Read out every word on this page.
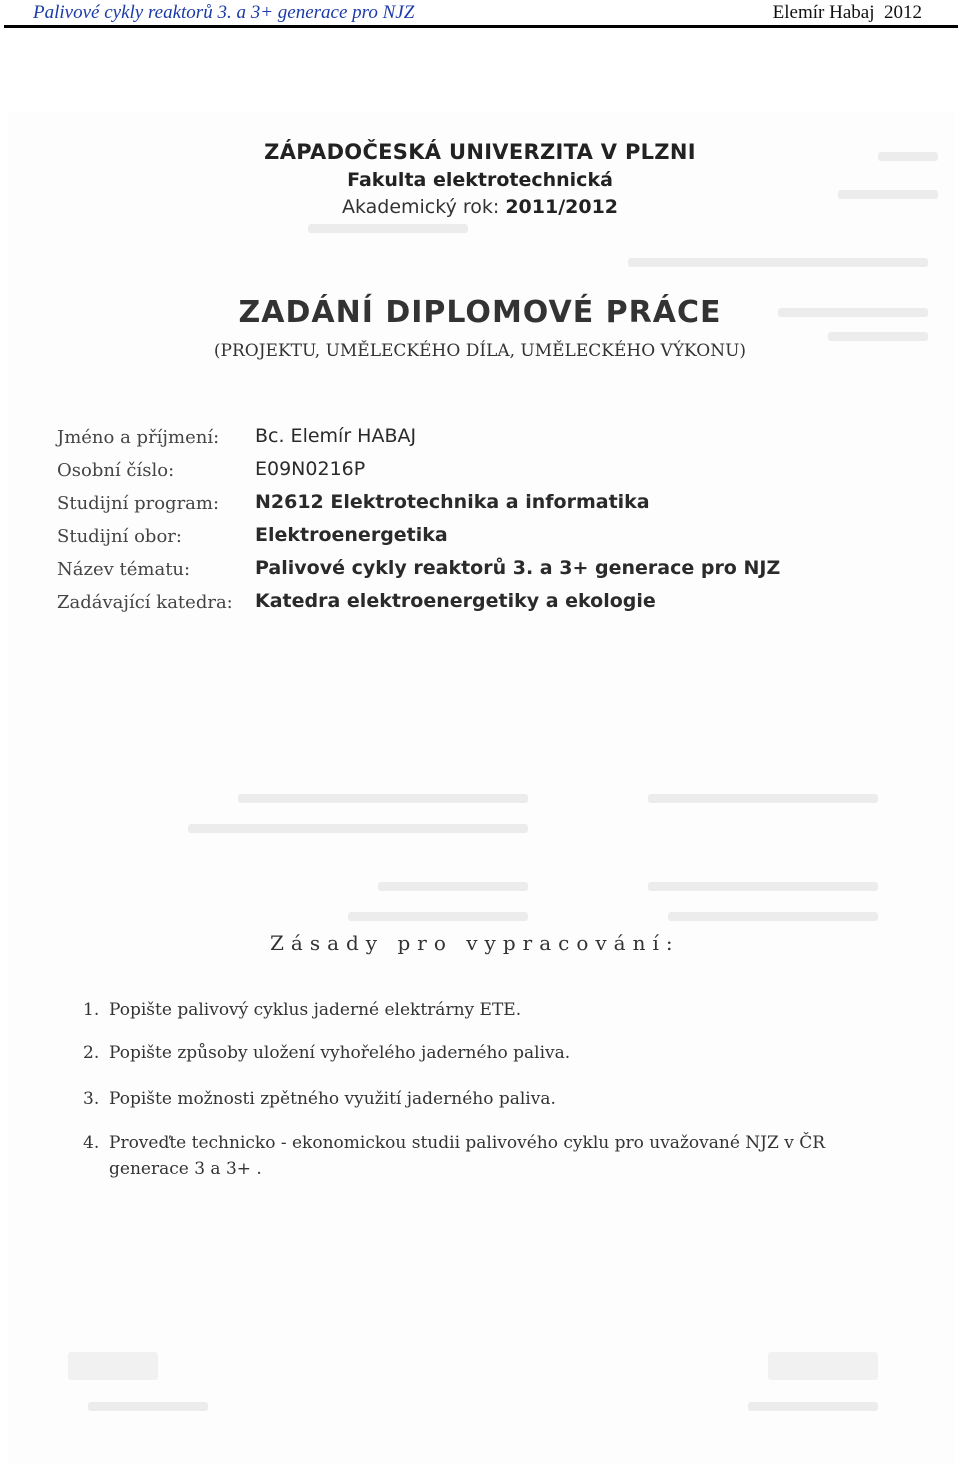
Palivové cykly reaktorů 3. a 3+ generace pro NJZ	Elemír Habaj 2012
ZÁPADOČESKÁ UNIVERZITA V PLZNI
Fakulta elektrotechnická
Akademický rok: 2011/2012
ZADÁNÍ DIPLOMOVÉ PRÁCE
(PROJEKTU, UMĚLECKÉHO DÍLA, UMĚLECKÉHO VÝKONU)
Jméno a příjmení: Bc. Elemír HABAJ
Osobní číslo:	E09N0216P
Studijní program: N2612 Elektrotechnika a informatika
Studijní obor:	Elektroenergetika
Název tématu:	Palivové cykly reaktorů 3. a 3+ generace pro NJZ
Zadávající katedra: Katedra elektroenergetiky a ekologie
Zásady pro vypracování:
1. Popište palivový cyklus jaderné elektrárny ETE.
2. Popište způsoby uložení vyhořelého jaderného paliva.
3. Popište možnosti zpětného využití jaderného paliva.
4. Proveďte technicko - ekonomickou studii palivového cyklu pro uvažované NJZ v ČR
generace 3 a 3+ .
